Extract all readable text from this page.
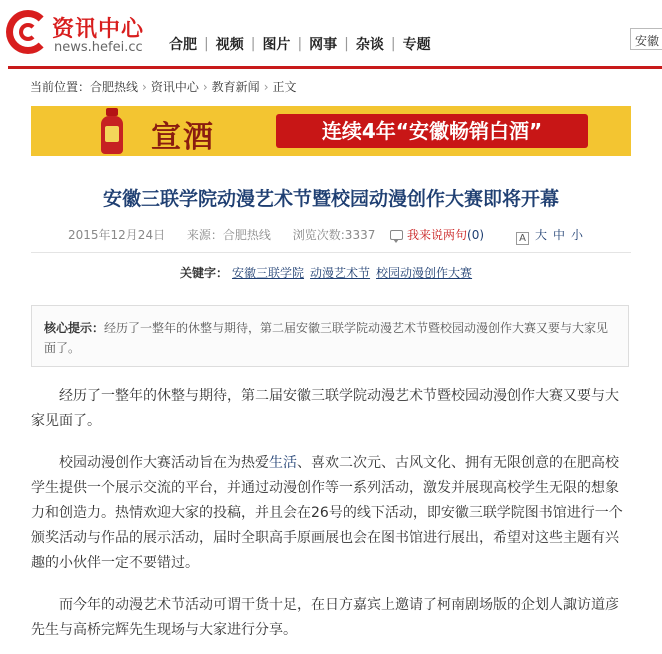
资讯中心
news.hefei.cc	合肥 | 视频 | 图片 | 网事 | 杂谈 | 专题	安徽
当前位置：合肥热线 › 资讯中心 › 教育新闻 › 正文
宣酒	连续4年“安徽畅销白酒”
安徽三联学院动漫艺术节暨校园动漫创作大赛即将开幕
2015年12月24日 来源：合肥热线 浏览次数:3337	我来说两句(0)	A 大 中 小
关键字： 安徽三联学院 动漫艺术节 校园动漫创作大赛
核心提示：经历了一整年的休整与期待，第二届安徽三联学院动漫艺术节暨校园动漫创作大赛又要与大家见面了。

经历了一整年的休整与期待，第二届安徽三联学院动漫艺术节暨校园动漫创作大赛又要与大家见面了。

校园动漫创作大赛活动旨在为热爱生活、喜欢二次元、古风文化、拥有无限创意的在肥高校学生提供一个展示交流的平台，并通过动漫创作等一系列活动，激发并展现高校学生无限的想象力和创造力。热情欢迎大家的投稿，并且会在26号的线下活动，即安徽三联学院图书馆进行一个颁奖活动与作品的展示活动，届时全职高手原画展也会在图书馆进行展出，希望对这些主题有兴趣的小伙伴一定不要错过。

而今年的动漫艺术节活动可谓干货十足，在日方嘉宾上邀请了柯南剧场版的企划人諏访道彦先生与高桥完辉先生现场与大家进行分享。
